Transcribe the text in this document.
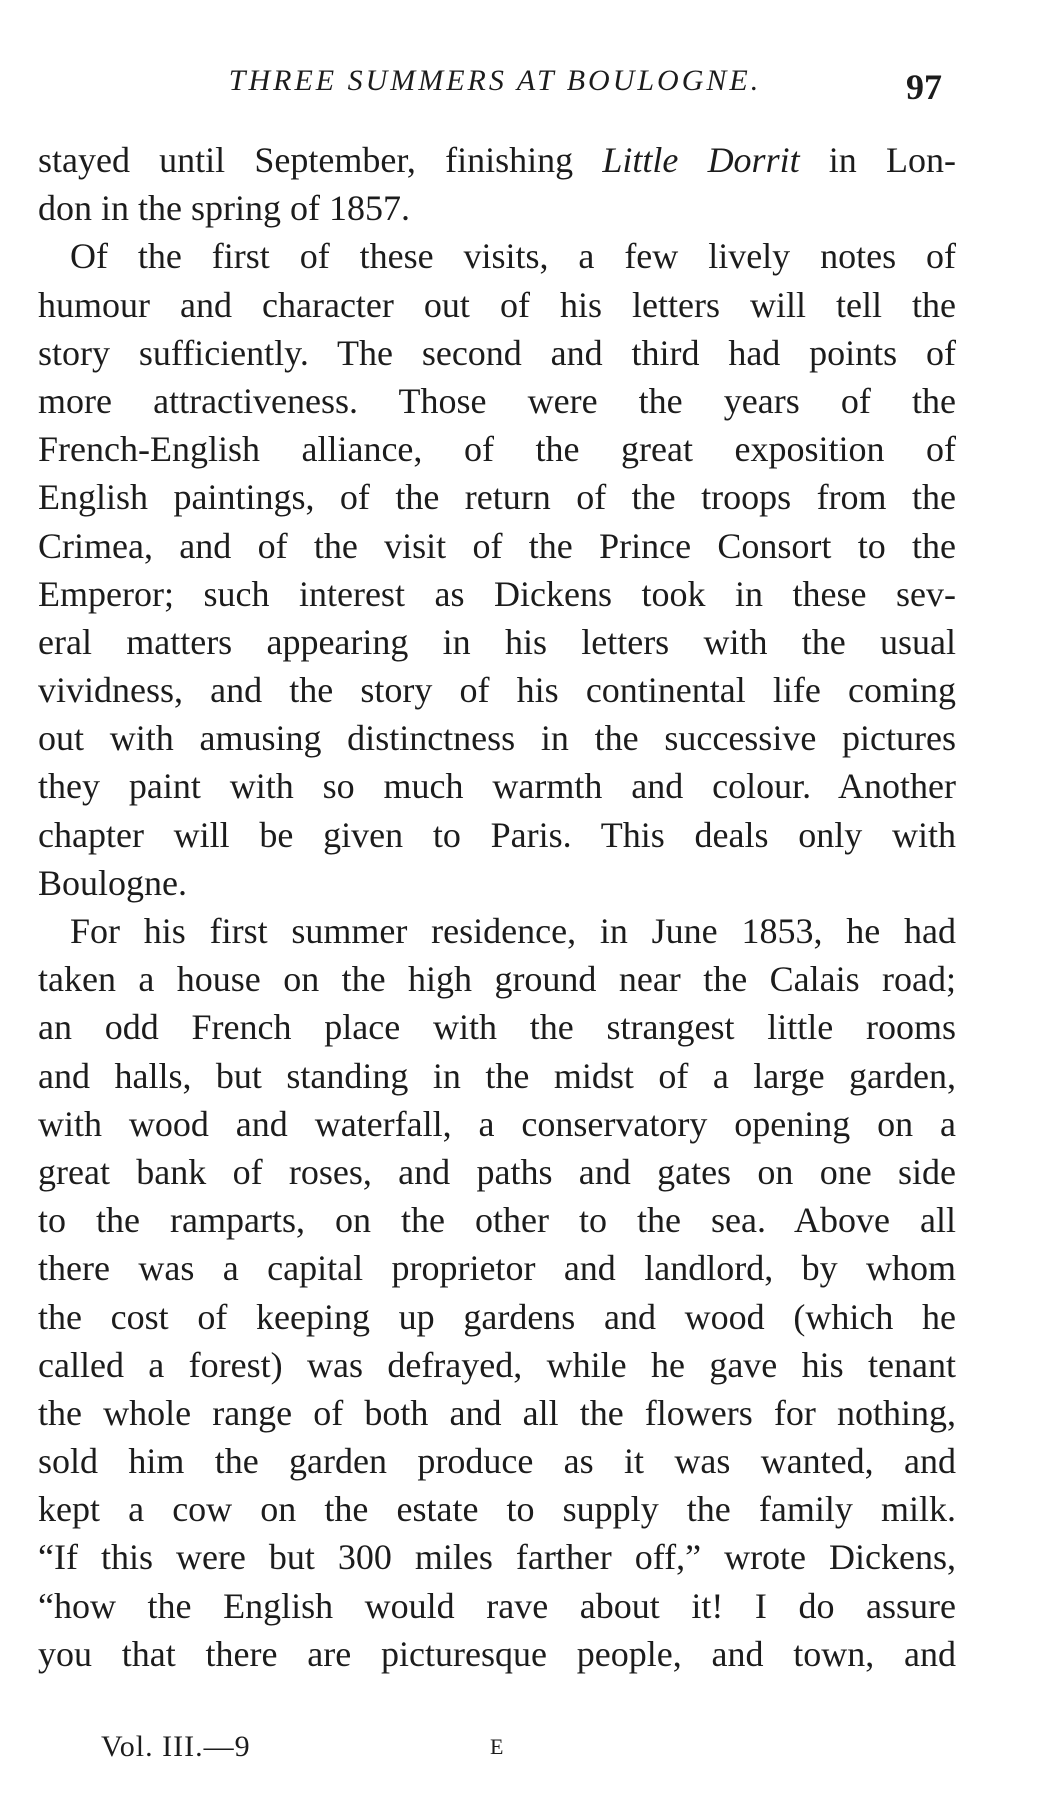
THREE SUMMERS AT BOULOGNE.	97
stayed until September, finishing Little Dorrit in Lon-
don in the spring of 1857.
Of the first of these visits, a few lively notes of
humour and character out of his letters will tell the
story sufficiently. The second and third had points of
more attractiveness. Those were the years of the
French-English alliance, of the great exposition of
English paintings, of the return of the troops from the
Crimea, and of the visit of the Prince Consort to the
Emperor; such interest as Dickens took in these sev-
eral matters appearing in his letters with the usual
vividness, and the story of his continental life coming
out with amusing distinctness in the successive pictures
they paint with so much warmth and colour. Another
chapter will be given to Paris. This deals only with
Boulogne.
For his first summer residence, in June 1853, he had
taken a house on the high ground near the Calais road;
an odd French place with the strangest little rooms
and halls, but standing in the midst of a large garden,
with wood and waterfall, a conservatory opening on a
great bank of roses, and paths and gates on one side
to the ramparts, on the other to the sea. Above all
there was a capital proprietor and landlord, by whom
the cost of keeping up gardens and wood (which he
called a forest) was defrayed, while he gave his tenant
the whole range of both and all the flowers for nothing,
sold him the garden produce as it was wanted, and
kept a cow on the estate to supply the family milk.
“If this were but 300 miles farther off,” wrote Dickens,
“how the English would rave about it! I do assure
you that there are picturesque people, and town, and
Vol. III.—9	E
